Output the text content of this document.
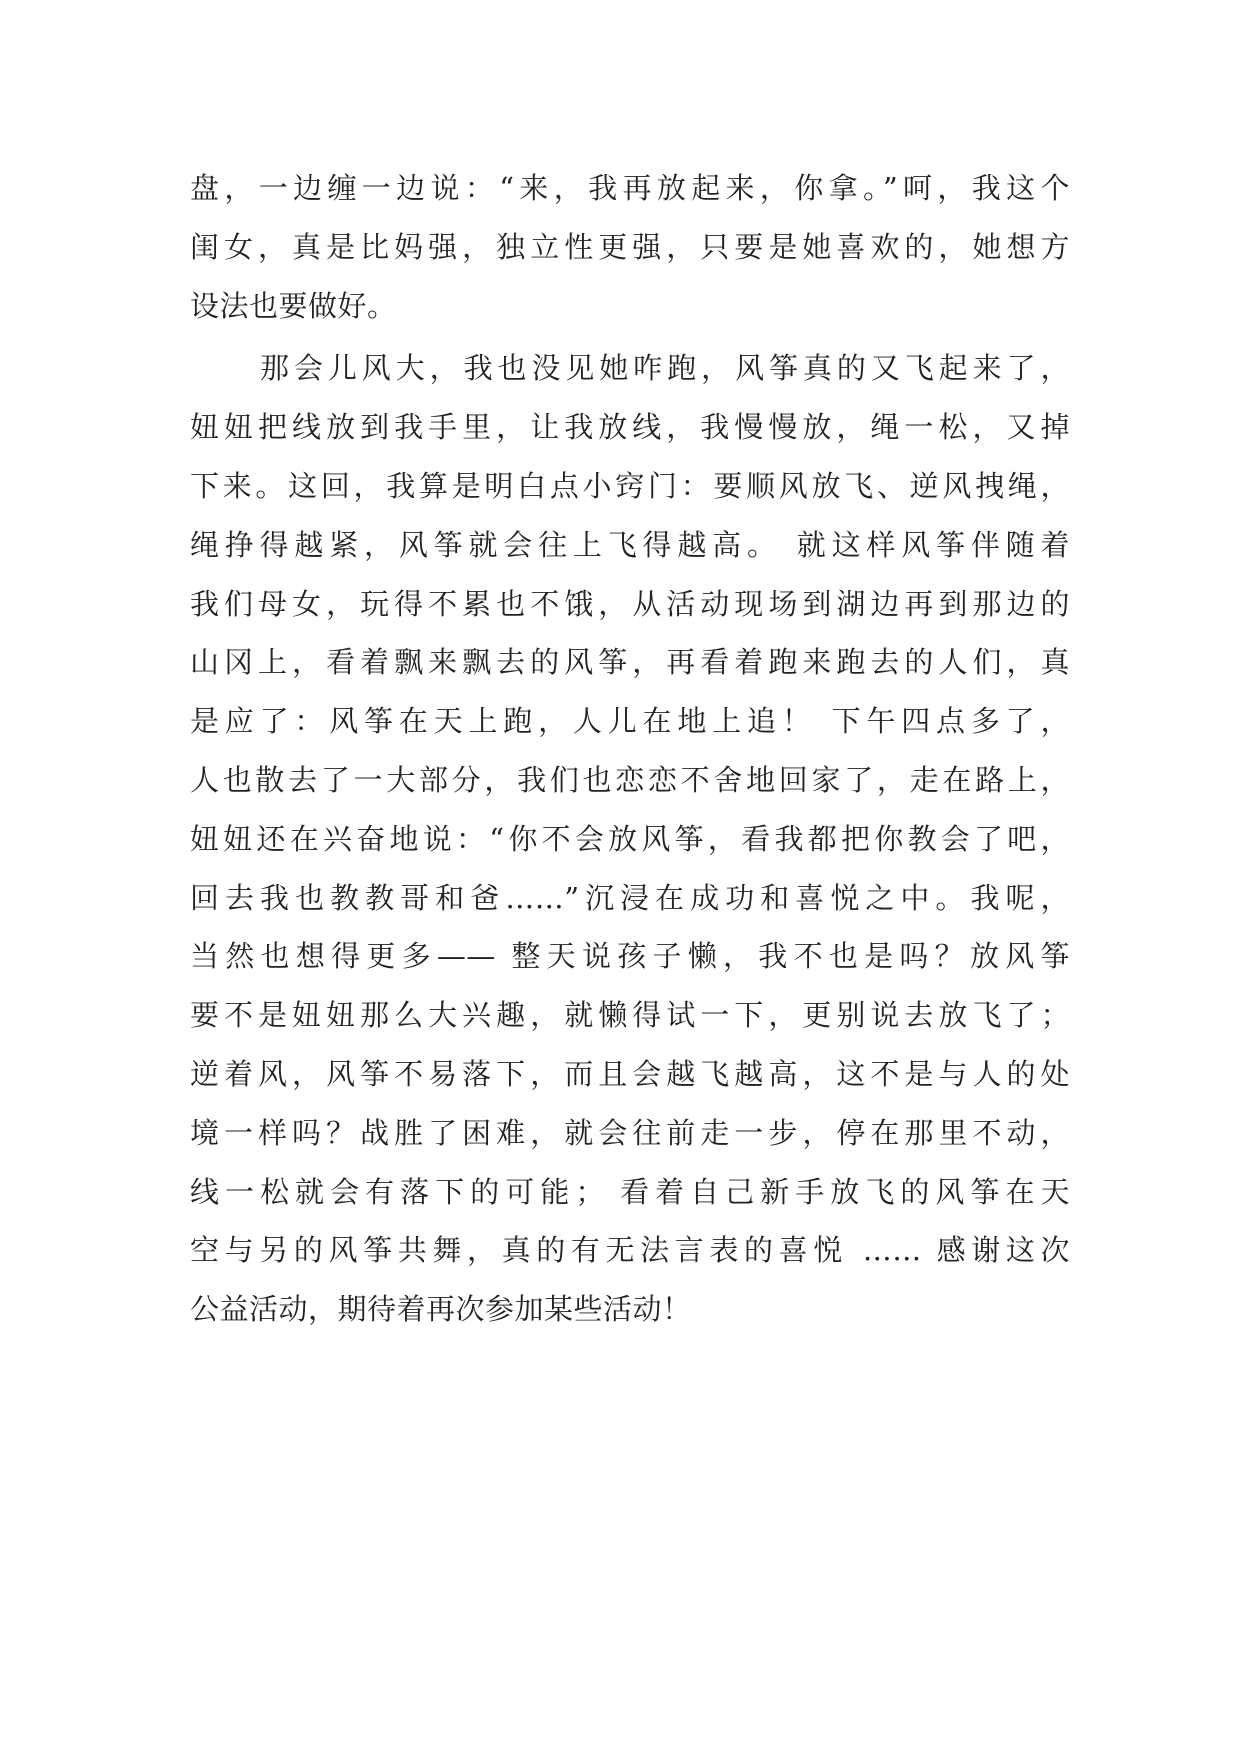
盘，一边缠一边说：“来，我再放起来，你拿。”呵，我这个
闺女，真是比妈强，独立性更强，只要是她喜欢的，她想方
设法也要做好。
那会儿风大，我也没见她咋跑，风筝真的又飞起来了，
妞妞把线放到我手里，让我放线，我慢慢放，绳一松，又掉
下来。这回，我算是明白点小窍门：要顺风放飞、逆风拽绳，
绳挣得越紧，风筝就会往上飞得越高。 就这样风筝伴随着
我们母女，玩得不累也不饿，从活动现场到湖边再到那边的
山冈上，看着飘来飘去的风筝，再看着跑来跑去的人们，真
是应了：风筝在天上跑，人儿在地上追！ 下午四点多了，
人也散去了一大部分，我们也恋恋不舍地回家了，走在路上，
妞妞还在兴奋地说：“你不会放风筝，看我都把你教会了吧，
回去我也教教哥和爸……”沉浸在成功和喜悦之中。我呢，
当然也想得更多—— 整天说孩子懒，我不也是吗？放风筝
要不是妞妞那么大兴趣，就懒得试一下，更别说去放飞了；
逆着风，风筝不易落下，而且会越飞越高，这不是与人的处
境一样吗？战胜了困难，就会往前走一步，停在那里不动，
线一松就会有落下的可能； 看着自己新手放飞的风筝在天
空与另的风筝共舞，真的有无法言表的喜悦 …… 感谢这次
公益活动，期待着再次参加某些活动！
